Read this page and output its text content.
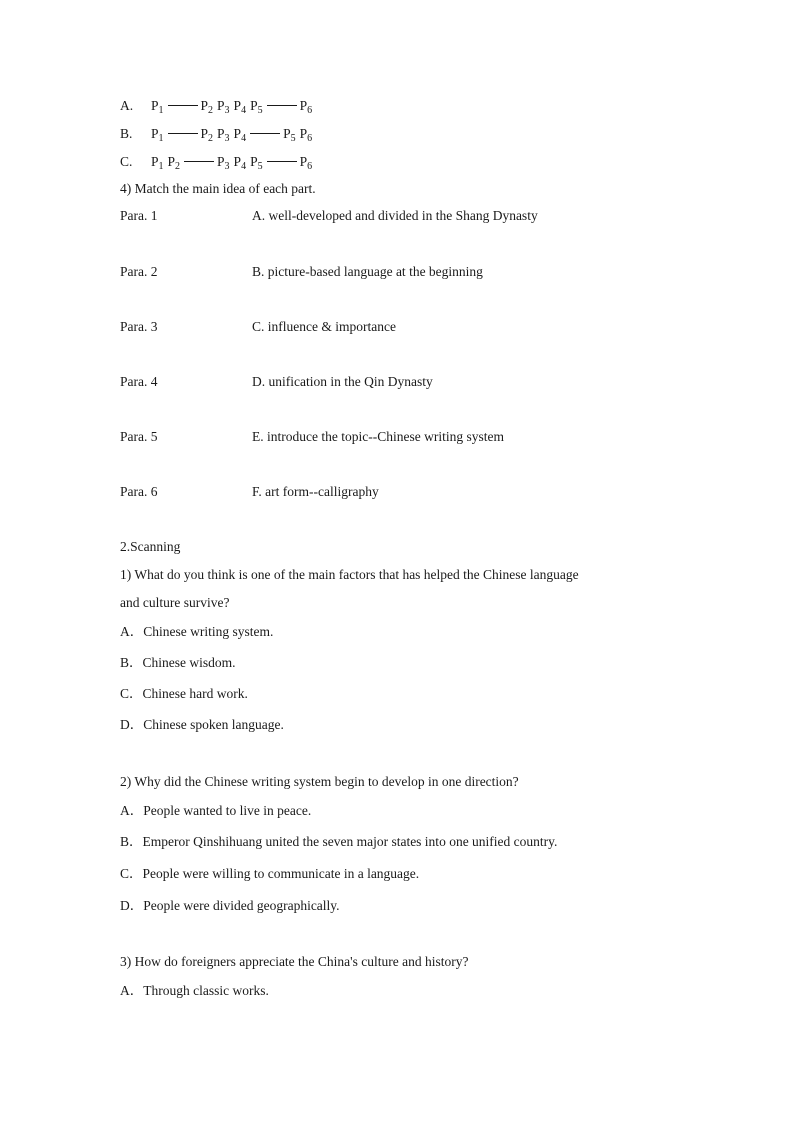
A. $P_1$	$P_2$ $P_3$ $P_4$ $P_5$	$P_6$
B. $P_1$	$P_2$ $P_3$ $P_4$	$P_5$ $P_6$
C. $P_1$ $P_2$	$P_3$ $P_4$ $P_5$	$P_6$
4) Match the main idea of each part.
Para. 1	A. well-developed and divided in the Shang Dynasty
Para. 2	B. picture-based language at the beginning
Para. 3	C. influence & importance
Para. 4	D. unification in the Qin Dynasty
Para. 5	E. introduce the topic--Chinese writing system
Para. 6	F. art form--calligraphy
2.Scanning
1) What do you think is one of the main factors that has helped the Chinese language
and culture survive?
A．Chinese writing system.
B．Chinese wisdom.
C．Chinese hard work.
D．Chinese spoken language.
2) Why did the Chinese writing system begin to develop in one direction?
A．People wanted to live in peace.
B．Emperor Qinshihuang united the seven major states into one unified country.
C．People were willing to communicate in a language.
D．People were divided geographically.
3) How do foreigners appreciate the China's culture and history?
A．Through classic works.
